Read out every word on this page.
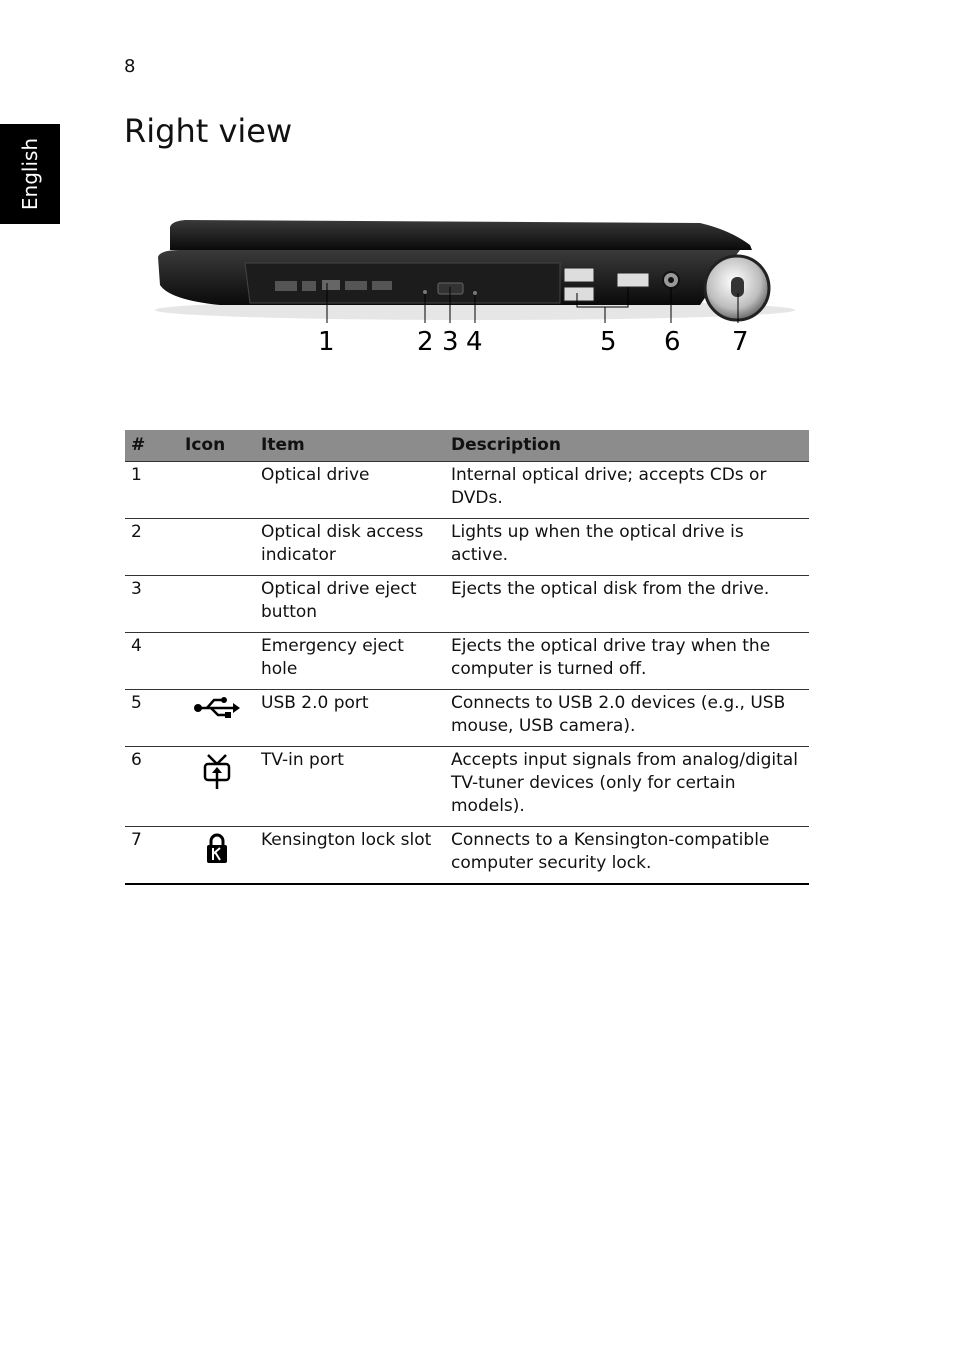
8
English
Right view
1	2 3 4	5 6 7
#	Icon	Item	Description
1		Optical drive	Internal optical drive; accepts CDs or DVDs.
2		Optical disk access indicator	Lights up when the optical drive is active.
3		Optical drive eject button	Ejects the optical disk from the drive.
4		Emergency eject hole	Ejects the optical drive tray when the computer is turned off.
5		USB 2.0 port	Connects to USB 2.0 devices (e.g., USB mouse, USB camera).
6		TV-in port	Accepts input signals from analog/digital TV-tuner devices (only for certain models).
7		Kensington lock slot	Connects to a Kensington-compatible computer security lock.
